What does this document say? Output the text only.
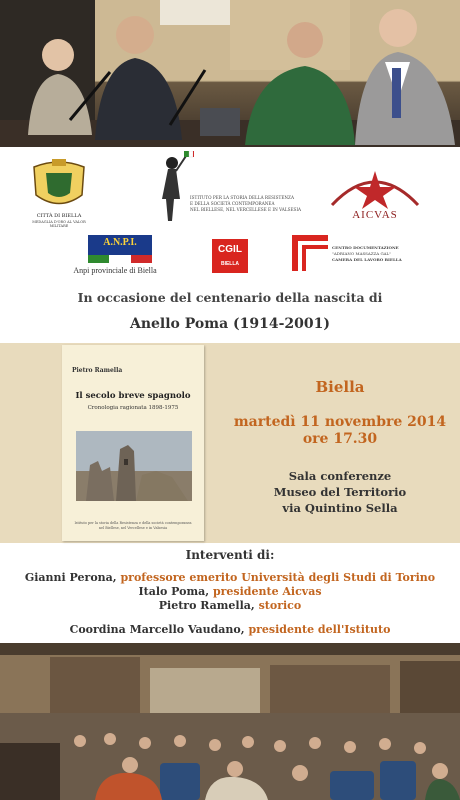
CITTÀ DI BIELLA
MEDAGLIA D'ORO AL VALOR MILITARE
ISTITUTO PER LA STORIA DELLA RESISTENZA
E DELLA SOCIETÀ CONTEMPORANEA
NEL BIELLESE, NEL VERCELLESE E IN VALSESIA	AICVAS
A.N.P.I.
Anpi provinciale di Biella
CGIL
BIELLA
CENTRO DOCUMENTAZIONE
"ADRIANO MASSAZZA GAL"
CAMERA DEL LAVORO BIELLA
In occasione del centenario della nascita di
Anello Poma (1914-2001)
Pietro Ramella
Il secolo breve spagnolo
Cronologia ragionata 1898-1975
Istituto per la storia della Resistenza e della società contemporanea nel Biellese, nel Vercellese e in Valsesia
Biella
martedì 11 novembre 2014
ore 17.30
Sala conferenze
Museo del Territorio
via Quintino Sella
Interventi di:
Gianni Perona, professore emerito Università degli Studi di Torino
Italo Poma, presidente Aicvas
Pietro Ramella, storico
Coordina Marcello Vaudano, presidente dell'Istituto
